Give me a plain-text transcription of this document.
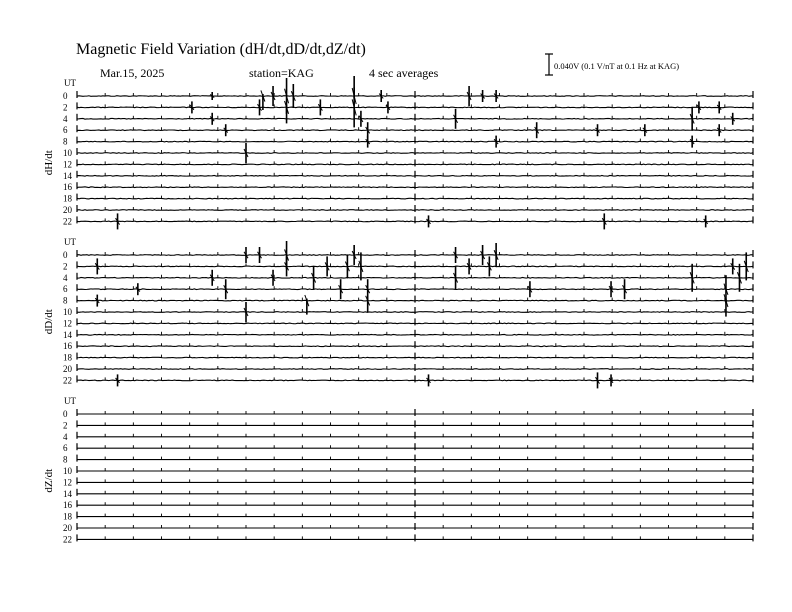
Magnetic Field Variation (dH/dt,dD/dt,dZ/dt)
Mar.15, 2025	station=KAG	4 sec averages	0.040V (0.1 V/nT at 0.1 Hz at KAG)
UT
dH/dt
0
2
4
6
8
10
12
14
16
18
20
22
UT
dD/dt
0
2
4
6
8
10
12
14
16
18
20
22
UT
dZ/dt
0
2
4
6
8
10
12
14
16
18
20
22
